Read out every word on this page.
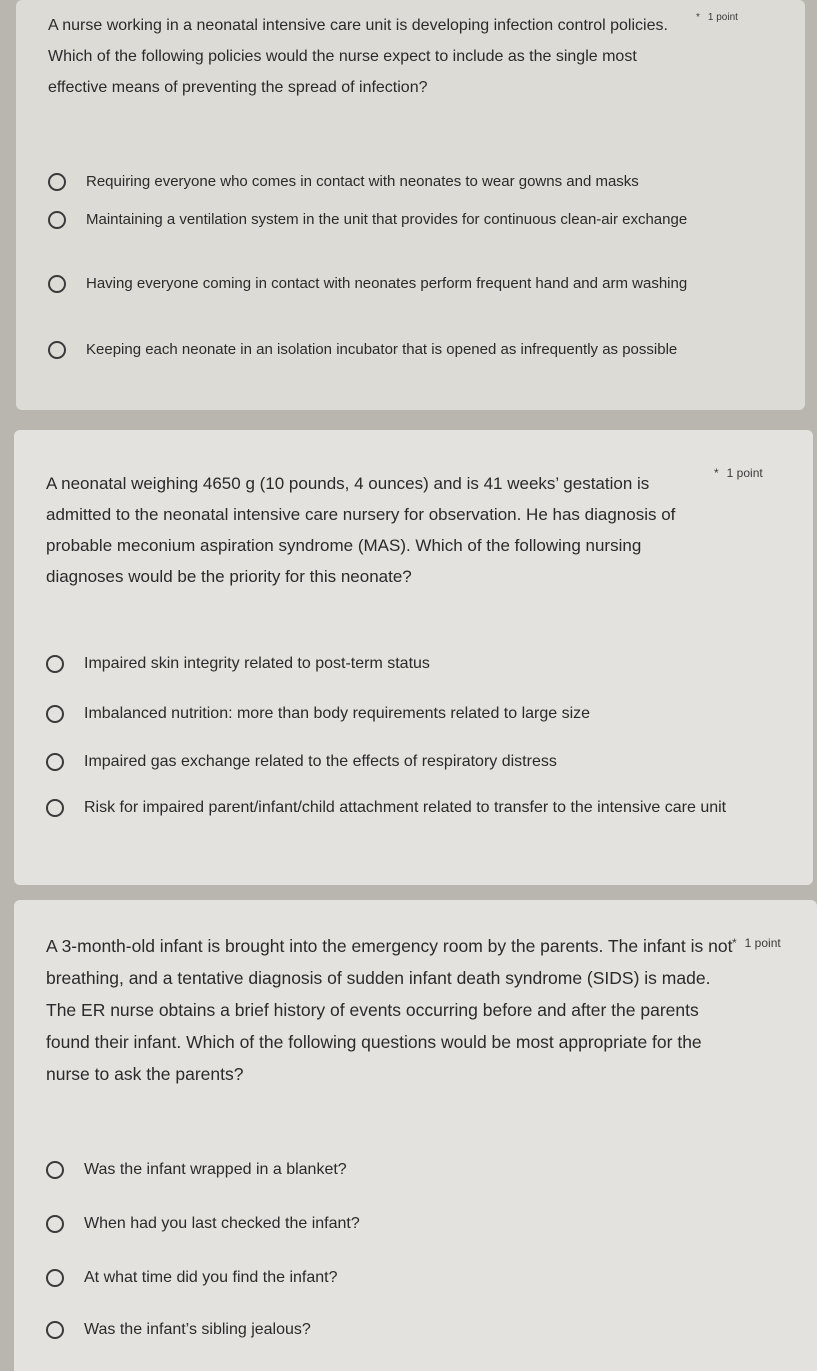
A nurse working in a neonatal intensive care unit is developing infection control policies. Which of the following policies would the nurse expect to include as the single most effective means of preventing the spread of infection?
* 1 point
Requiring everyone who comes in contact with neonates to wear gowns and masks
Maintaining a ventilation system in the unit that provides for continuous clean-air exchange
Having everyone coming in contact with neonates perform frequent hand and arm washing
Keeping each neonate in an isolation incubator that is opened as infrequently as possible
A neonatal weighing 4650 g (10 pounds, 4 ounces) and is 41 weeks’ gestation is admitted to the neonatal intensive care nursery for observation. He has diagnosis of probable meconium aspiration syndrome (MAS). Which of the following nursing diagnoses would be the priority for this neonate?
* 1 point
Impaired skin integrity related to post-term status
Imbalanced nutrition: more than body requirements related to large size
Impaired gas exchange related to the effects of respiratory distress
Risk for impaired parent/infant/child attachment related to transfer to the intensive care unit
A 3-month-old infant is brought into the emergency room by the parents. The infant is not breathing, and a tentative diagnosis of sudden infant death syndrome (SIDS) is made. The ER nurse obtains a brief history of events occurring before and after the parents found their infant. Which of the following questions would be most appropriate for the nurse to ask the parents?
* 1 point
Was the infant wrapped in a blanket?
When had you last checked the infant?
At what time did you find the infant?
Was the infant’s sibling jealous?
